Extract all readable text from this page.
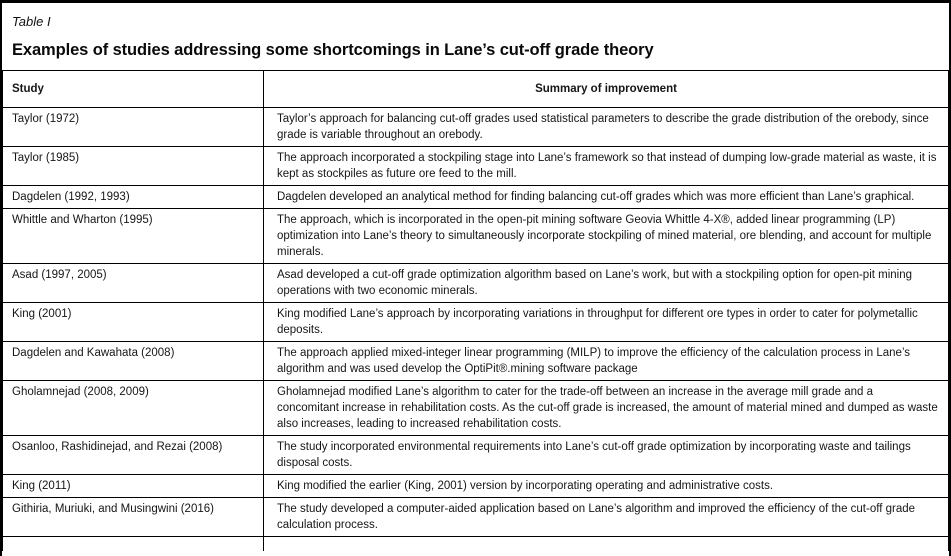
Table I
Examples of studies addressing some shortcomings in Lane’s cut-off grade theory
Study	Summary of improvement
Taylor (1972)	Taylor’s approach for balancing cut-off grades used statistical parameters to describe the grade distribution of the orebody, since grade is variable throughout an orebody.
Taylor (1985)	The approach incorporated a stockpiling stage into Lane’s framework so that instead of dumping low-grade material as waste, it is kept as stockpiles as future ore feed to the mill.
Dagdelen (1992, 1993)	Dagdelen developed an analytical method for finding balancing cut-off grades which was more efficient than Lane’s graphical.
Whittle and Wharton (1995)	The approach, which is incorporated in the open-pit mining software Geovia Whittle 4-X®, added linear programming (LP) optimization into Lane’s theory to simultaneously incorporate stockpiling of mined material, ore blending, and account for multiple minerals.
Asad (1997, 2005)	Asad developed a cut-off grade optimization algorithm based on Lane’s work, but with a stockpiling option for open-pit mining operations with two economic minerals.
King (2001)	King modified Lane’s approach by incorporating variations in throughput for different ore types in order to cater for polymetallic deposits.
Dagdelen and Kawahata (2008)	The approach applied mixed-integer linear programming (MILP) to improve the efficiency of the calculation process in Lane’s algorithm and was used develop the OptiPit®.mining software package
Gholamnejad (2008, 2009)	Gholamnejad modified Lane’s algorithm to cater for the trade-off between an increase in the average mill grade and a concomitant increase in rehabilitation costs. As the cut-off grade is increased, the amount of material mined and dumped as waste also increases, leading to increased rehabilitation costs.
Osanloo, Rashidinejad, and Rezai (2008)	The study incorporated environmental requirements into Lane’s cut-off grade optimization by incorporating waste and tailings disposal costs.
King (2011)	King modified the earlier (King, 2001) version by incorporating operating and administrative costs.
Githiria, Muriuki, and Musingwini (2016)	The study developed a computer-aided application based on Lane’s algorithm and improved the efficiency of the cut-off grade calculation process.
